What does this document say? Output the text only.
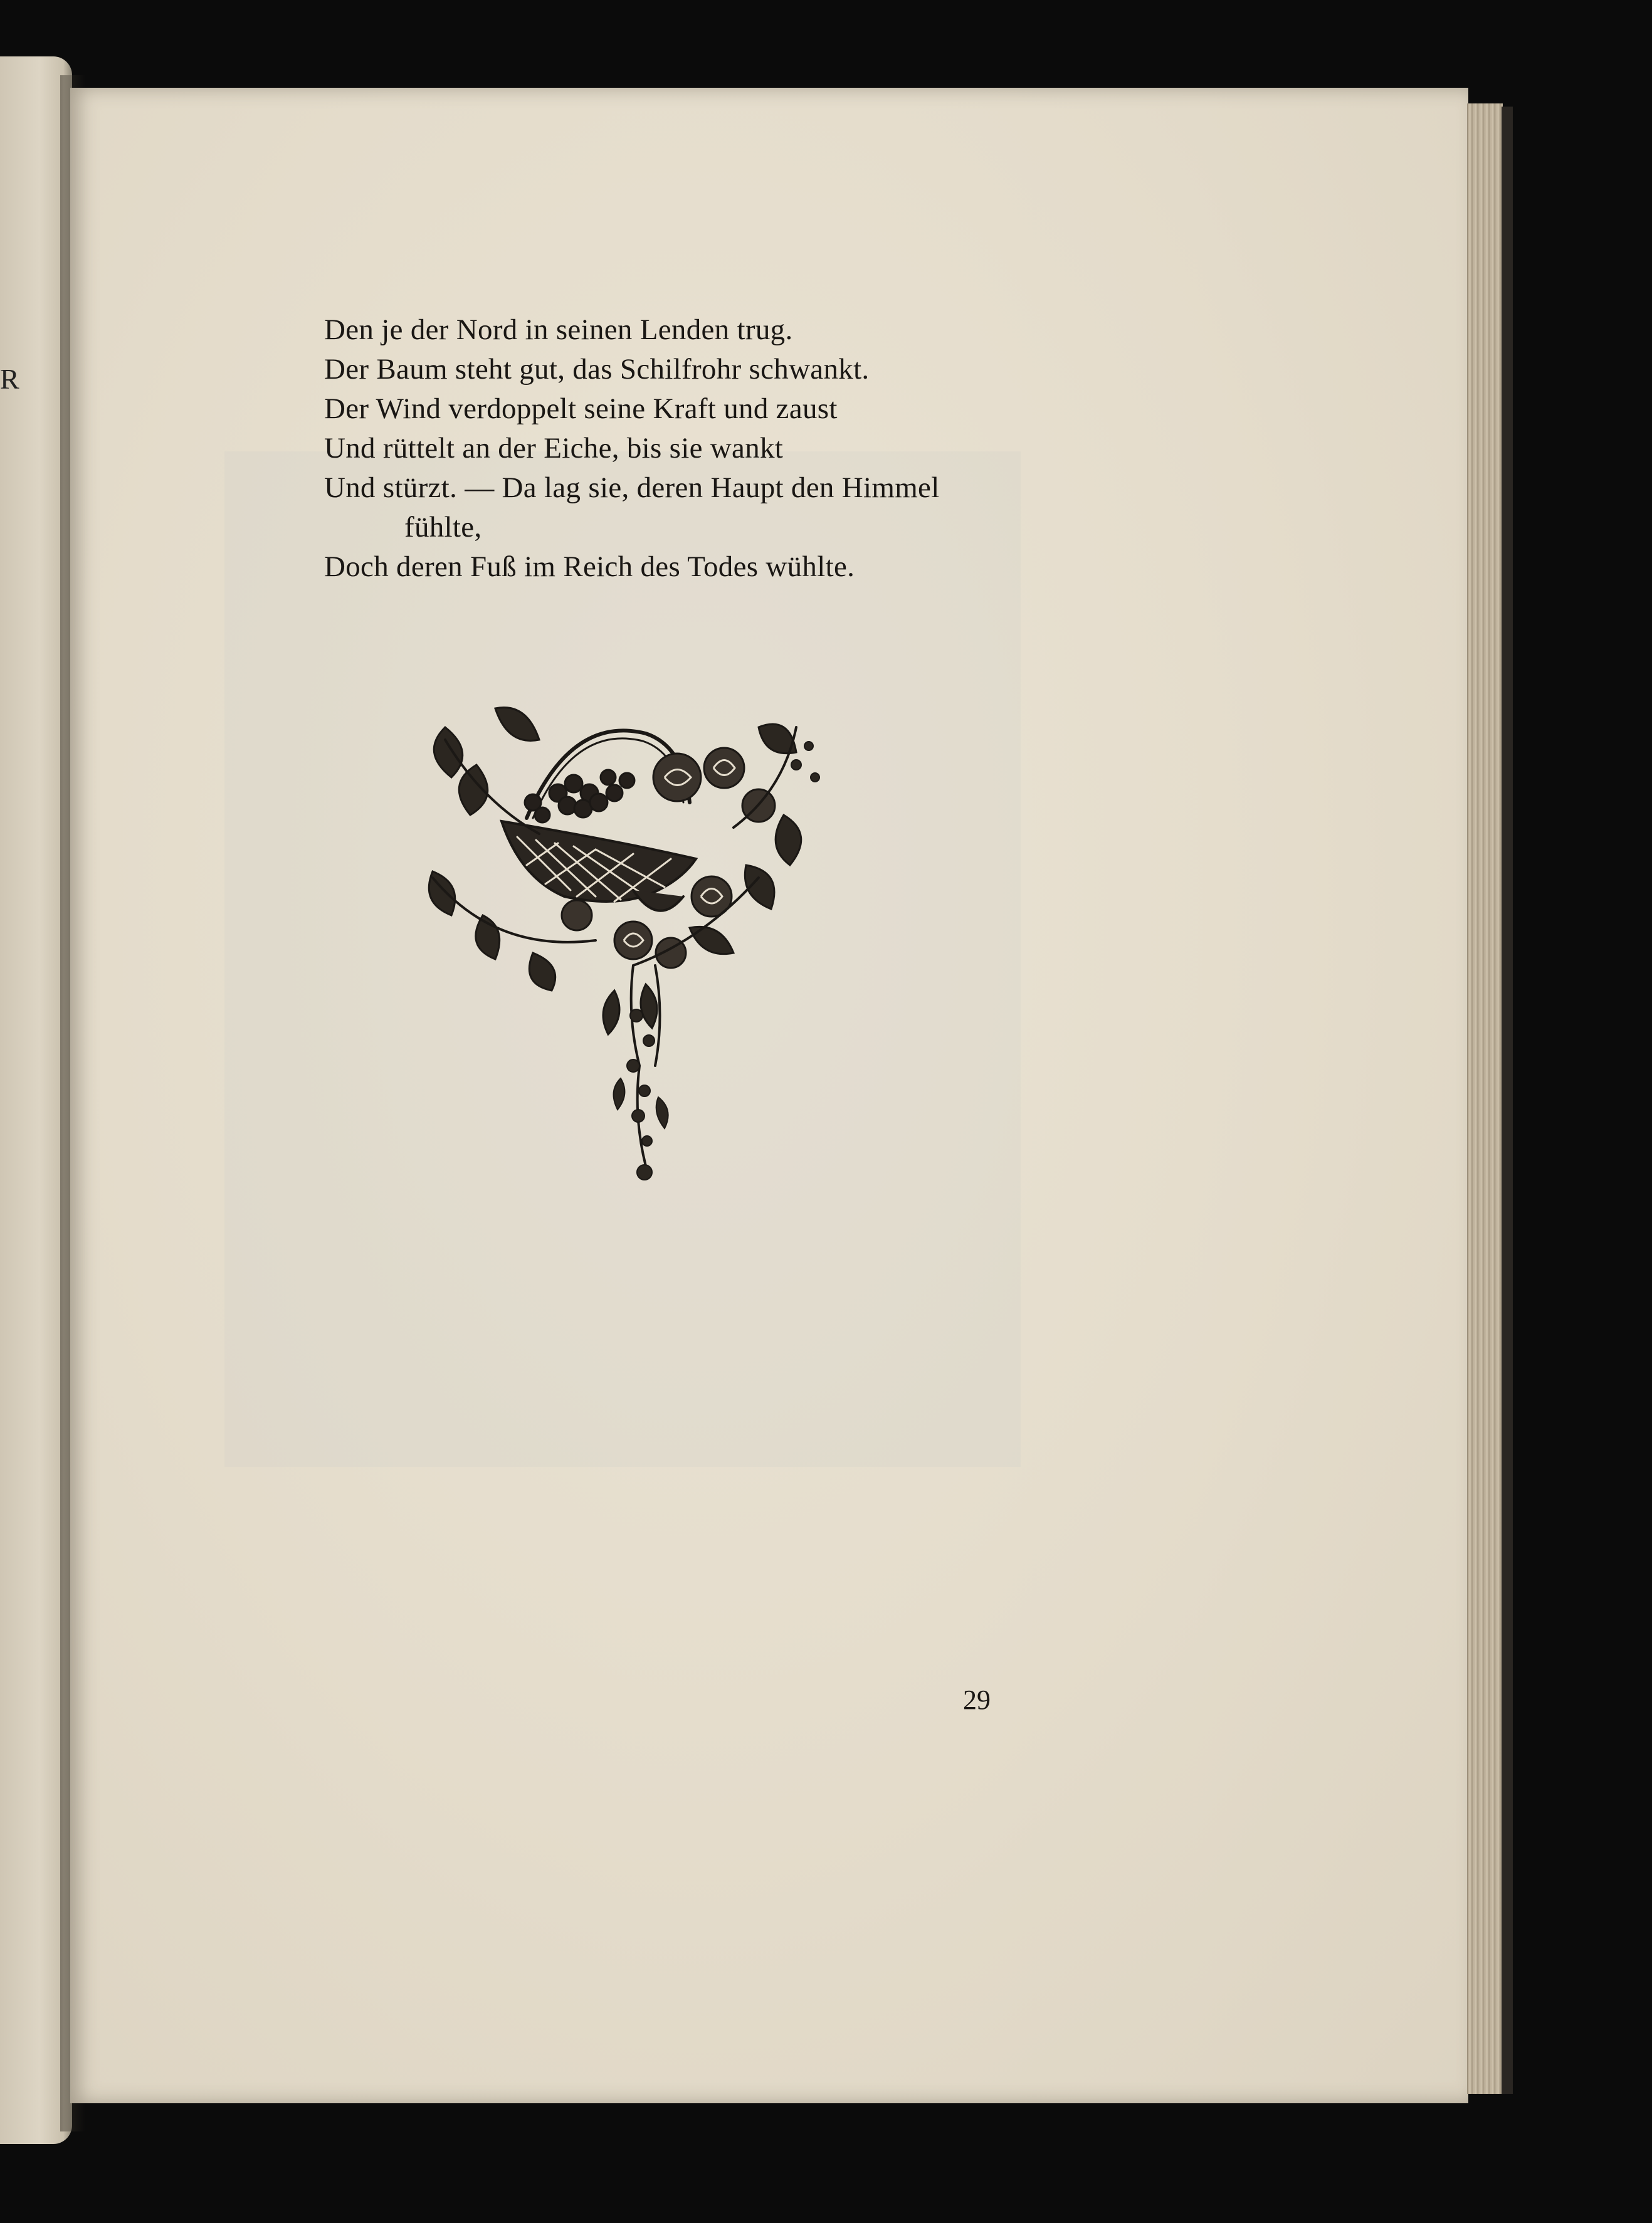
R
Den je der Nord in seinen Lenden trug.
Der Baum steht gut, das Schilfrohr schwankt.
Der Wind verdoppelt seine Kraft und zaust
Und rüttelt an der Eiche, bis sie wankt
Und stürzt. — Da lag sie, deren Haupt den Himmel
fühlte,
Doch deren Fuß im Reich des Todes wühlte.
29
